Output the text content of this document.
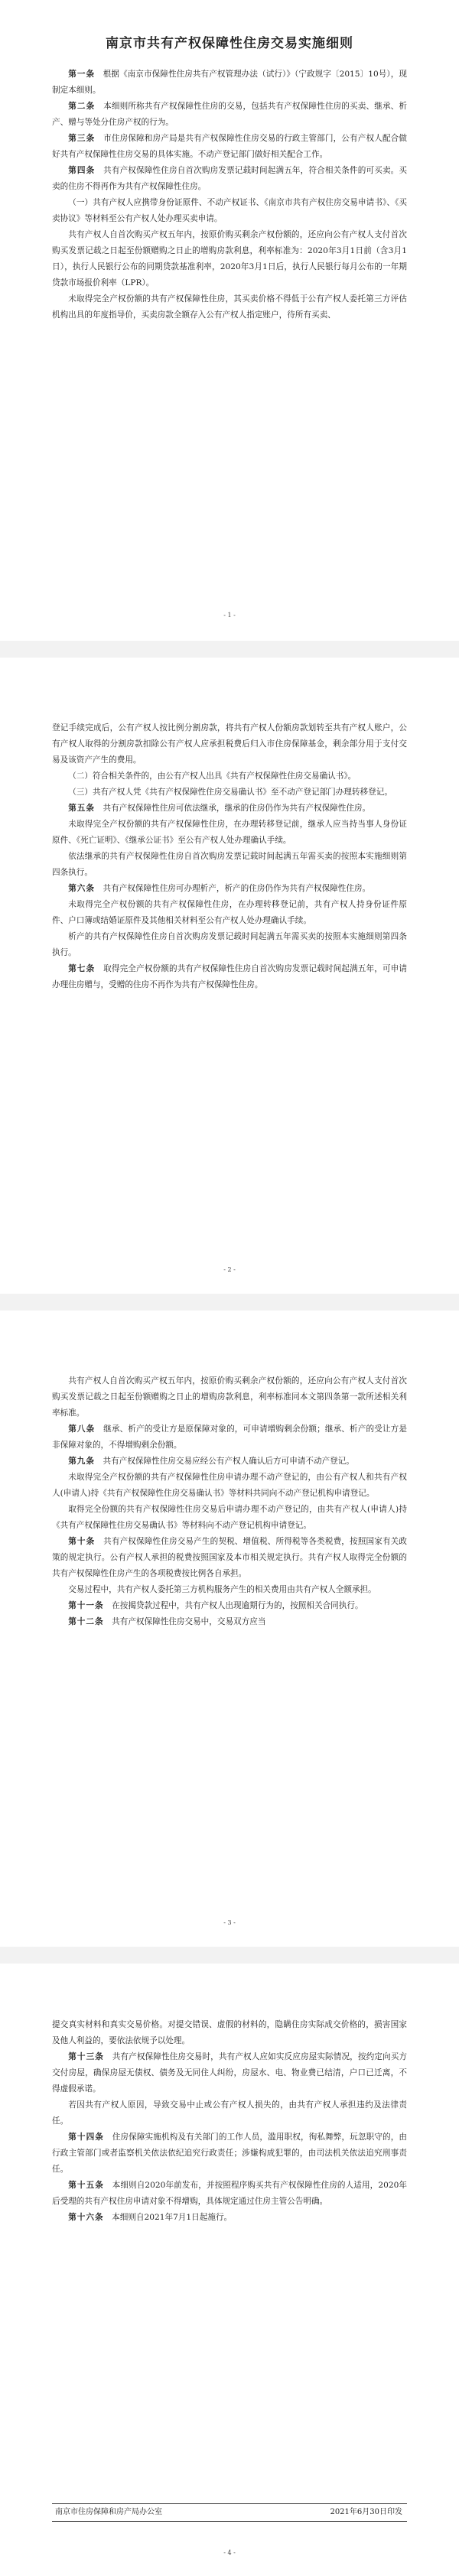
南京市共有产权保障性住房交易实施细则

第一条　根据《南京市保障性住房共有产权管理办法（试行）》（宁政规字〔2015〕10号），现制定本细则。

第二条　本细则所称共有产权保障性住房的交易，包括共有产权保障性住房的买卖、继承、析产、赠与等处分住房产权的行为。

第三条　市住房保障和房产局是共有产权保障性住房交易的行政主管部门，公有产权人配合做好共有产权保障性住房交易的具体实施。不动产登记部门做好相关配合工作。

第四条　共有产权保障性住房自首次购房发票记载时间起满五年，符合相关条件的可买卖。买卖的住房不得再作为共有产权保障性住房。

（一）共有产权人应携带身份证原件、不动产权证书、《南京市共有产权住房交易申请书》、《买卖协议》等材料至公有产权人处办理买卖申请。

共有产权人自首次购买产权五年内，按原价购买剩余产权份额的，还应向公有产权人支付首次购买发票记载之日起至份额赠购之日止的增购房款利息，利率标准为：2020年3月1日前（含3月1日），执行人民银行公布的同期贷款基准利率，2020年3月1日后，执行人民银行每月公布的一年期贷款市场报价利率（LPR）。

未取得完全产权份额的共有产权保障性住房，其买卖价格不得低于公有产权人委托第三方评估机构出具的年度指导价，买卖房款全额存入公有产权人指定账户，待所有买卖、

- 1 -

登记手续完成后，公有产权人按比例分割房款，将共有产权人份额房款划转至共有产权人账户，公有产权人取得的分割房款扣除公有产权人应承担税费后归入市住房保障基金，剩余部分用于支付交易及该资产产生的费用。

（二）符合相关条件的，由公有产权人出具《共有产权保障性住房交易确认书》。

（三）共有产权人凭《共有产权保障性住房交易确认书》至不动产登记部门办理转移登记。

第五条　共有产权保障性住房可依法继承，继承的住房仍作为共有产权保障性住房。

未取得完全产权份额的共有产权保障性住房，在办理转移登记前，继承人应当持当事人身份证原件、《死亡证明》、《继承公证书》至公有产权人处办理确认手续。

依法继承的共有产权保障性住房自首次购房发票记载时间起满五年需买卖的按照本实施细则第四条执行。

第六条　共有产权保障性住房可办理析产，析产的住房仍作为共有产权保障性住房。

未取得完全产权份额的共有产权保障性住房，在办理转移登记前，共有产权人持身份证件原件、户口簿或结婚证原件及其他相关材料至公有产权人处办理确认手续。

析产的共有产权保障性住房自首次购房发票记载时间起满五年需买卖的按照本实施细则第四条执行。

第七条　取得完全产权份额的共有产权保障性住房自首次购房发票记载时间起满五年，可申请办理住房赠与，受赠的住房不再作为共有产权保障性住房。

- 2 -

共有产权人自首次购买产权五年内，按原价购买剩余产权份额的，还应向公有产权人支付首次购买发票记载之日起至份额赠购之日止的增购房款利息，利率标准同本文第四条第一款所述相关利率标准。

第八条　继承、析产的受让方是原保障对象的，可申请增购剩余份额；继承、析产的受让方是非保障对象的，不得增购剩余份额。

第九条　共有产权保障性住房交易应经公有产权人确认后方可申请不动产登记。

未取得完全产权份额的共有产权保障性住房申请办理不动产登记的，由公有产权人和共有产权人(申请人)持《共有产权保障性住房交易确认书》等材料共同向不动产登记机构申请登记。

取得完全份额的共有产权保障性住房交易后申请办理不动产登记的，由共有产权人(申请人)持《共有产权保障性住房交易确认书》等材料向不动产登记机构申请登记。

第十条　共有产权保障性住房交易产生的契税、增值税、所得税等各类税费，按照国家有关政策的规定执行。公有产权人承担的税费按照国家及本市相关规定执行。共有产权人取得完全份额的共有产权保障性住房产生的各项税费按比例各自承担。

交易过程中，共有产权人委托第三方机构服务产生的相关费用由共有产权人全额承担。

第十一条　在按揭贷款过程中，共有产权人出现逾期行为的，按照相关合同执行。

第十二条　共有产权保障性住房交易中，交易双方应当

- 3 -

提交真实材料和真实交易价格。对提交错误、虚假的材料的，隐瞒住房实际成交价格的，损害国家及他人利益的，要依法依规予以处理。

第十三条　共有产权保障性住房交易时，共有产权人应如实反应房屋实际情况，按约定向买方交付房屋，确保房屋无债权、债务及无同住人纠纷，房屋水、电、物业费已结清，户口已迁离，不得虚假承诺。

若因共有产权人原因，导致交易中止或公有产权人损失的，由共有产权人承担违约及法律责任。

第十四条　住房保障实施机构及有关部门的工作人员，滥用职权，徇私舞弊，玩忽职守的，由行政主管部门或者监察机关依法依纪追究行政责任；涉嫌构成犯罪的，由司法机关依法追究刑事责任。

第十五条　本细则自2020年前发布，并按照程序购买共有产权保障性住房的人适用，2020年后受理的共有产权住房申请对象不得增购，具体规定通过住房主管公告明确。

第十六条　本细则自2021年7月1日起施行。

南京市住房保障和房产局办公室	2021年6月30日印发
- 4 -
